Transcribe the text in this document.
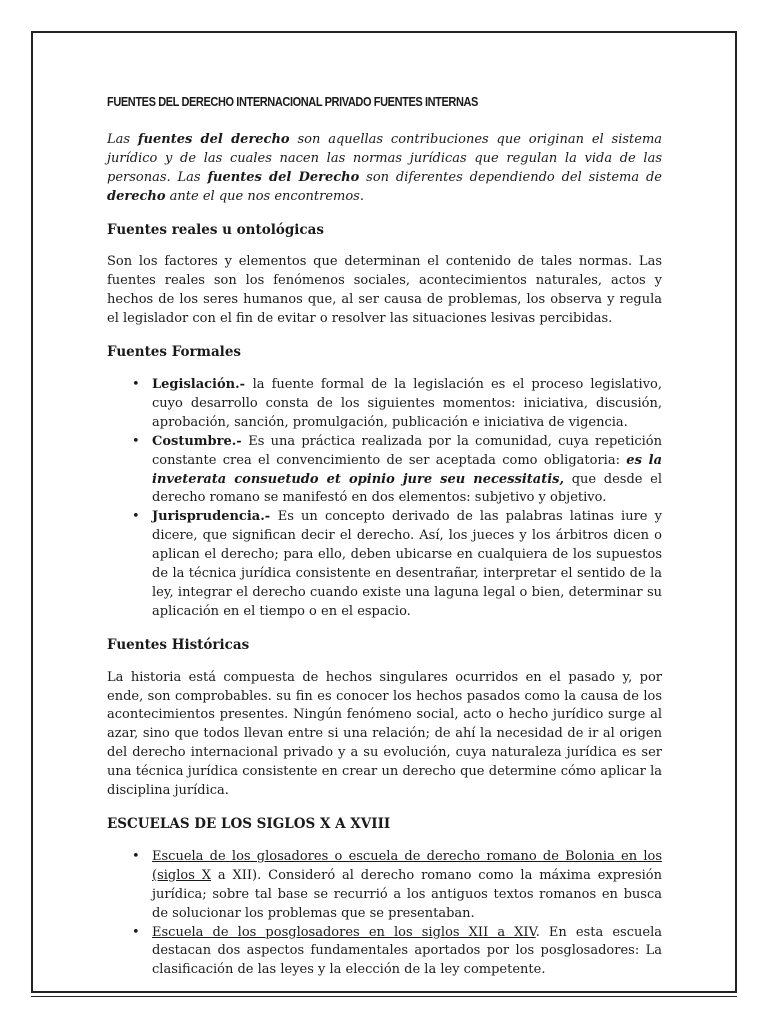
FUENTES DEL DERECHO INTERNACIONAL PRIVADO FUENTES INTERNAS

Las fuentes del derecho son aquellas contribuciones que originan el sistema jurídico y de las cuales nacen las normas jurídicas que regulan la vida de las personas. Las fuentes del Derecho son diferentes dependiendo del sistema de derecho ante el que nos encontremos.

Fuentes reales u ontológicas

Son los factores y elementos que determinan el contenido de tales normas. Las fuentes reales son los fenómenos sociales, acontecimientos naturales, actos y hechos de los seres humanos que, al ser causa de problemas, los observa y regula el legislador con el fin de evitar o resolver las situaciones lesivas percibidas.

Fuentes Formales
• Legislación.- la fuente formal de la legislación es el proceso legislativo, cuyo desarrollo consta de los siguientes momentos: iniciativa, discusión, aprobación, sanción, promulgación, publicación e iniciativa de vigencia.
• Costumbre.- Es una práctica realizada por la comunidad, cuya repetición constante crea el convencimiento de ser aceptada como obligatoria: es la inveterata consuetudo et opinio jure seu necessitatis, que desde el derecho romano se manifestó en dos elementos: subjetivo y objetivo.
• Jurisprudencia.- Es un concepto derivado de las palabras latinas iure y dicere, que significan decir el derecho. Así, los jueces y los árbitros dicen o aplican el derecho; para ello, deben ubicarse en cualquiera de los supuestos de la técnica jurídica consistente en desentrañar, interpretar el sentido de la ley, integrar el derecho cuando existe una laguna legal o bien, determinar su aplicación en el tiempo o en el espacio.
Fuentes Históricas

La historia está compuesta de hechos singulares ocurridos en el pasado y, por ende, son comprobables. su fin es conocer los hechos pasados como la causa de los acontecimientos presentes. Ningún fenómeno social, acto o hecho jurídico surge al azar, sino que todos llevan entre si una relación; de ahí la necesidad de ir al origen del derecho internacional privado y a su evolución, cuya naturaleza jurídica es ser una técnica jurídica consistente en crear un derecho que determine cómo aplicar la disciplina jurídica.

ESCUELAS DE LOS SIGLOS X A XVIII
• Escuela de los glosadores o escuela de derecho romano de Bolonia en los (siglos X a XII). Consideró al derecho romano como la máxima expresión jurídica; sobre tal base se recurrió a los antiguos textos romanos en busca de solucionar los problemas que se presentaban.
• Escuela de los posglosadores en los siglos XII a XIV. En esta escuela destacan dos aspectos fundamentales aportados por los posglosadores: La clasificación de las leyes y la elección de la ley competente.
